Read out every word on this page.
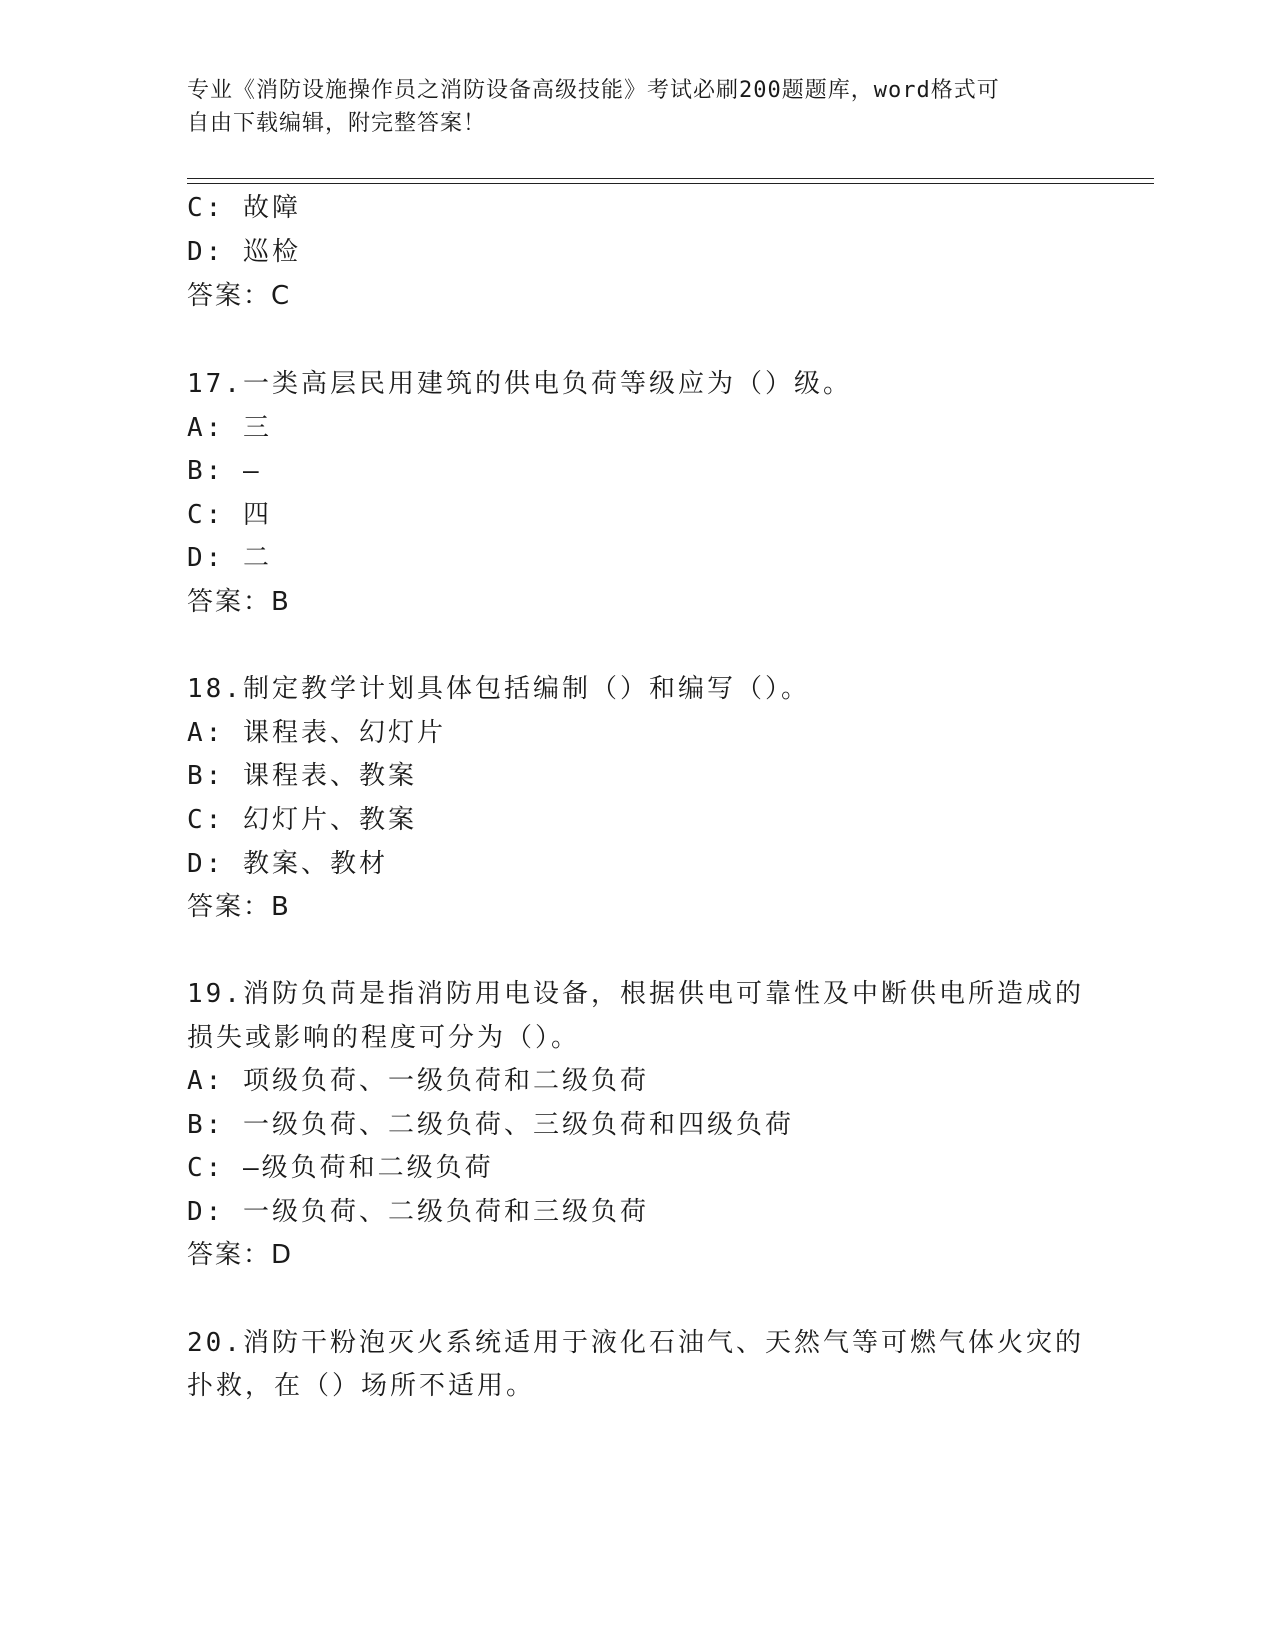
专业《消防设施操作员之消防设备高级技能》考试必刷200题题库，word格式可
自由下载编辑，附完整答案！
C: 故障
D: 巡检
答案：C
17.一类高层民用建筑的供电负荷等级应为（）级。
A: 三
B: —
C: 四
D: 二
答案：B
18.制定教学计划具体包括编制（）和编写（）。
A: 课程表、幻灯片
B: 课程表、教案
C: 幻灯片、教案
D: 教案、教材
答案：B
19.消防负苘是指消防用电设备，根据供电可靠性及中断供电所造成的
损失或影响的程度可分为（）。
A: 项级负荷、一级负荷和二级负荷
B: 一级负荷、二级负荷、三级负荷和四级负荷
C: —级负荷和二级负荷
D: 一级负荷、二级负荷和三级负荷
答案：D
20.消防干粉泡灭火系统适用于液化石油气、天然气等可燃气体火灾的
扑救，在（）场所不适用。
